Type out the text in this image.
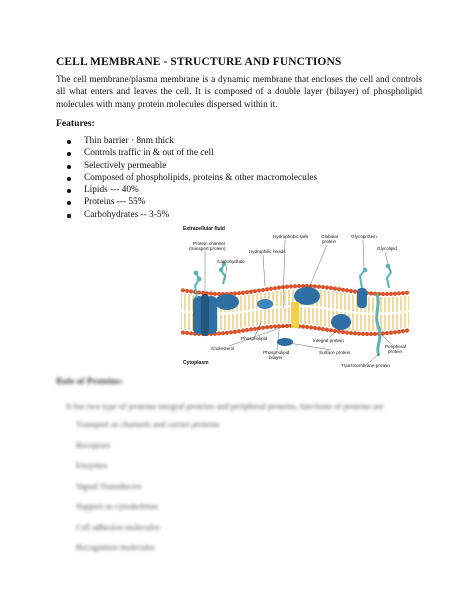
CELL MEMBRANE - STRUCTURE AND FUNCTIONS
The cell membrane/plasma membrane is a dynamic membrane that encloses the cell and controls all what enters and leaves the cell. It is composed of a double layer (bilayer) of phospholipid molecules with many protein molecules dispersed within it.
Features:
Thin barrier · 8nm thick
Controls traffic in & out of the cell
Selectively permeable
Composed of phospholipids, proteins & other macromolecules
Lipids --- 40%
Proteins --- 55%
Carbohydrates -- 3-5%
Extracellular fluid
Protein channel
(transport protein)
Carbohydrate
Hydrophobic tails
Hydrophilic heads
Globular
protein
Glycoprotein
Glycolipid
Phospholipid	Integral protein
Cholesterol
Phospholipid
bilayer
Surface protein
Peripheral
protein
Cytoplasm	Transmembrane protein
Role of Proteins:
It has two type of proteins integral proteins and peripheral proteins, functions of proteins are
Transport as channels and carrier proteins
Receptors
Enzymes
Signal Transducers
Support as cytoskeleton
Cell adhesion molecules
Recognition molecules
